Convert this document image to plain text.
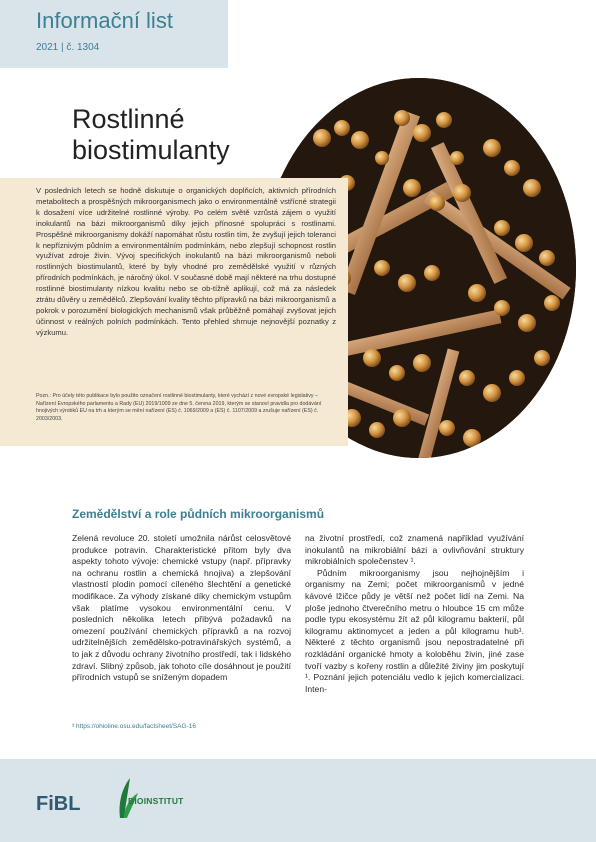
Informační list
2021 | č. 1304
Rostlinné
biostimulanty
V posledních letech se hodně diskutuje o organických doplňcích, aktivních přírodních metabolitech a prospěšných mikroorganismech jako o environmentálně vstřícné strategii k dosažení více udržitelné rostlinné výroby. Po celém světě vzrůstá zájem o využití inokulantů na bázi mikroorganismů díky jejich přínosné spolupráci s rostlinami. Prospěšné mikroorganismy dokáží napomáhat růstu rostlin tím, že zvyšují jejich toleranci k nepříznivým půdním a environmentálním podmínkám, nebo zlepšují schopnost rostlin využívat zdroje živin. Vývoj specifických inokulantů na bázi mikroorganismů neboli rostlinných biostimulantů, které by byly vhodné pro zemědělské využití v různých přírodních podmínkách, je náročný úkol. V současné době mají některé na trhu dostupné rostlinné biostimulanty nízkou kvalitu nebo se ob-tížně aplikují, což má za následek ztrátu důvěry u zemědělců. Zlepšování kvality těchto přípravků na bázi mikroorganismů a pokrok v porozumění biologických mechanismů však průběžně pomáhají zvyšovat jejich účinnost v reálných polních podmínkách. Tento přehled shrnuje nejnovější poznatky z výzkumu.
Pozn.: Pro účely této publikace bylo použito označení rostlinné biostimulanty, které vychází z nové evropské legislativy – Nařízení Evropského parlamentu a Rady (EU) 2019/1009 ze dne 5. června 2019, kterým se stanoví pravidla pro dodávání hnojivých výrobků EU na trh a kterým se mění nařízení (ES) č. 1069/2009 a (ES) č. 1107/2009 a zrušuje nařízení (ES) č. 2003/2003.
Zemědělství a role půdních mikroorganismů

Zelená revoluce 20. století umožnila nárůst celosvětové produkce potravin. Charakteristické přitom byly dva aspekty tohoto vývoje: chemické vstupy (např. přípravky na ochranu rostlin a chemická hnojiva) a zlepšování vlastností plodin pomocí cíleného šlechtění a genetické modifikace. Za výhody získané díky chemickým vstupům však platíme vysokou environmentální cenu. V posledních několika letech přibývá požadavků na omezení používání chemických přípravků a na rozvoj udržitelnějších zemědělsko-potravinářských systémů, a to jak z důvodu ochrany životního prostředí, tak i lidského zdraví. Slibný způsob, jak tohoto cíle dosáhnout je použití přírodních vstupů se sníženým dopadem

na životní prostředí, což znamená například využívání inokulantů na mikrobiální bázi a ovlivňování struktury mikrobiálních společenstev ¹.

Půdním mikroorganismy jsou nejhojnějším i organismy na Zemi; počet mikroorganismů v jedné kávové lžičce půdy je větší než počet lidí na Zemi. Na ploše jednoho čtverečního metru o hloubce 15 cm může podle typu ekosystému žít až půl kilogramu bakterií, půl kilogramu aktinomycet a jeden a půl kilogramu hub¹. Některé z těchto organismů jsou nepostradatelné při rozkládání organické hmoty a koloběhu živin, jiné zase tvoří vazby s kořeny rostlin a důležité živiny jim poskytují ¹. Poznání jejich potenciálu vedlo k jejich komercializaci. Inten-

¹ https://ohioline.osu.edu/factsheet/SAG-16
FiBL	BIOINSTITUT
